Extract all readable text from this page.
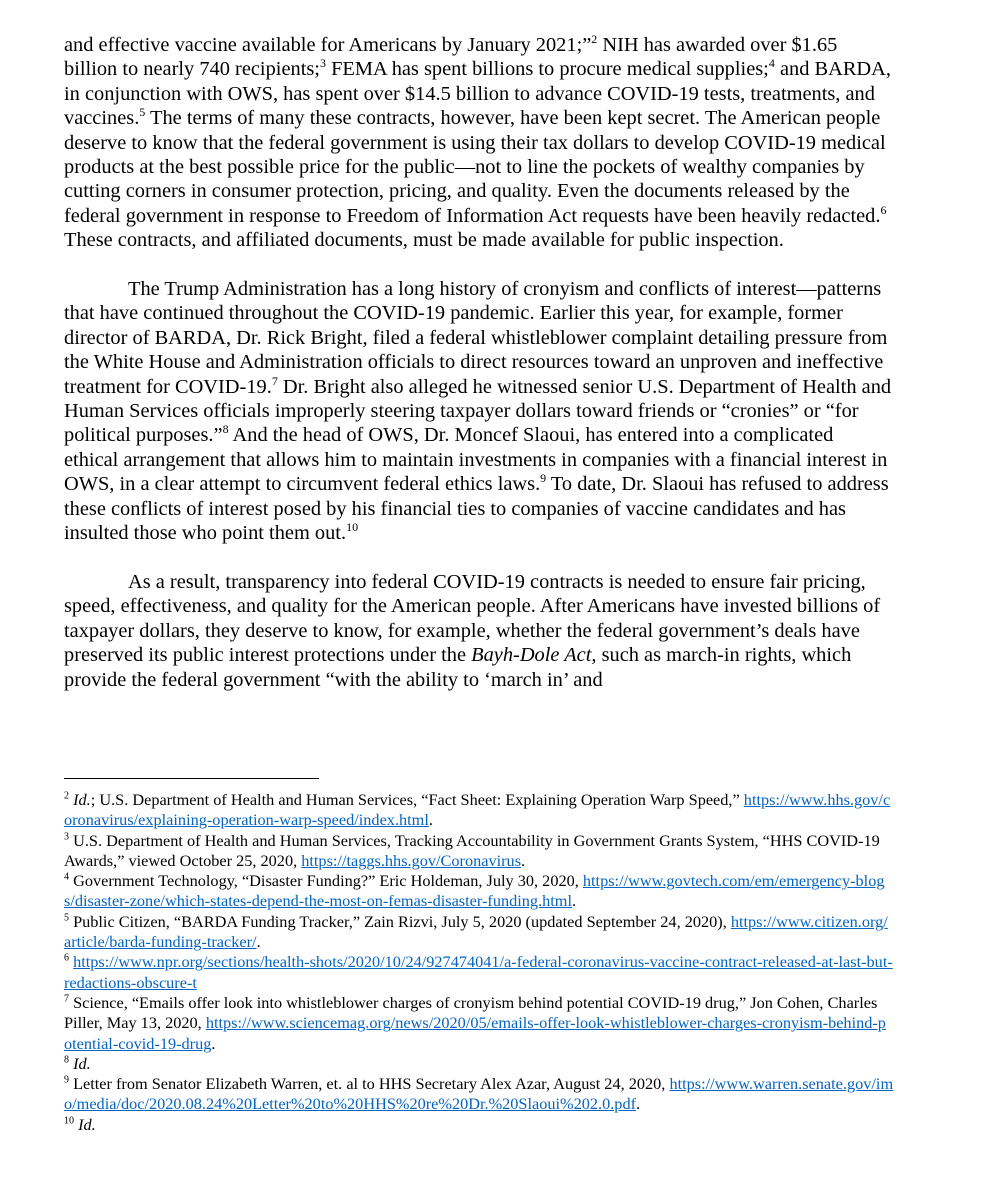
and effective vaccine available for Americans by January 2021;”$^2$ NIH has awarded over $1.65 billion to nearly 740 recipients;$^3$ FEMA has spent billions to procure medical supplies;$^4$ and BARDA, in conjunction with OWS, has spent over $14.5 billion to advance COVID-19 tests, treatments, and vaccines.$^5$ The terms of many these contracts, however, have been kept secret. The American people deserve to know that the federal government is using their tax dollars to develop COVID-19 medical products at the best possible price for the public—not to line the pockets of wealthy companies by cutting corners in consumer protection, pricing, and quality. Even the documents released by the federal government in response to Freedom of Information Act requests have been heavily redacted.$^6$ These contracts, and affiliated documents, must be made available for public inspection.

The Trump Administration has a long history of cronyism and conflicts of interest—patterns that have continued throughout the COVID-19 pandemic. Earlier this year, for example, former director of BARDA, Dr. Rick Bright, filed a federal whistleblower complaint detailing pressure from the White House and Administration officials to direct resources toward an unproven and ineffective treatment for COVID-19.$^7$ Dr. Bright also alleged he witnessed senior U.S. Department of Health and Human Services officials improperly steering taxpayer dollars toward friends or “cronies” or “for political purposes.”$^8$ And the head of OWS, Dr. Moncef Slaoui, has entered into a complicated ethical arrangement that allows him to maintain investments in companies with a financial interest in OWS, in a clear attempt to circumvent federal ethics laws.$^9$ To date, Dr. Slaoui has refused to address these conflicts of interest posed by his financial ties to companies of vaccine candidates and has insulted those who point them out.$^{10}$

As a result, transparency into federal COVID-19 contracts is needed to ensure fair pricing, speed, effectiveness, and quality for the American people. After Americans have invested billions of taxpayer dollars, they deserve to know, for example, whether the federal government’s deals have preserved its public interest protections under the Bayh-Dole Act, such as march-in rights, which provide the federal government “with the ability to ‘march in’ and

$^2$ Id.; U.S. Department of Health and Human Services, “Fact Sheet: Explaining Operation Warp Speed,” https://www.hhs.gov/coronavirus/explaining-operation-warp-speed/index.html.

$^3$ U.S. Department of Health and Human Services, Tracking Accountability in Government Grants System, “HHS COVID-19 Awards,” viewed October 25, 2020, https://taggs.hhs.gov/Coronavirus.

$^4$ Government Technology, “Disaster Funding?” Eric Holdeman, July 30, 2020, https://www.govtech.com/em/emergency-blogs/disaster-zone/which-states-depend-the-most-on-femas-disaster-funding.html.

$^5$ Public Citizen, “BARDA Funding Tracker,” Zain Rizvi, July 5, 2020 (updated September 24, 2020), https://www.citizen.org/article/barda-funding-tracker/.

$^6$ https://www.npr.org/sections/health-shots/2020/10/24/927474041/a-federal-coronavirus-vaccine-contract-released-at-last-but-redactions-obscure-t

$^7$ Science, “Emails offer look into whistleblower charges of cronyism behind potential COVID-19 drug,” Jon Cohen, Charles Piller, May 13, 2020, https://www.sciencemag.org/news/2020/05/emails-offer-look-whistleblower-charges-cronyism-behind-potential-covid-19-drug.

$^8$ Id.

$^9$ Letter from Senator Elizabeth Warren, et. al to HHS Secretary Alex Azar, August 24, 2020, https://www.warren.senate.gov/imo/media/doc/2020.08.24%20Letter%20to%20HHS%20re%20Dr.%20Slaoui%202.0.pdf.

$^{10}$ Id.
